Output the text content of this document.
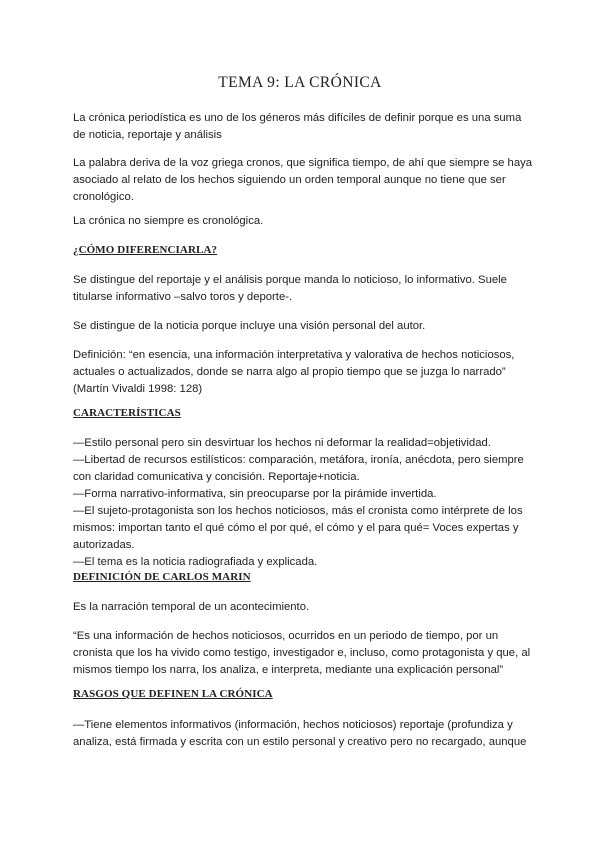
TEMA 9: LA CRÓNICA
La crónica periodística es uno de los géneros más difíciles de definir porque es una suma
de noticia, reportaje y análisis
La palabra deriva de la voz griega cronos, que significa tiempo, de ahí que siempre se haya
asociado al relato de los hechos siguiendo un orden temporal aunque no tiene que ser
cronológico.
La crónica no siempre es cronológica.
¿CÓMO DIFERENCIARLA?
Se distingue del reportaje y el análisis porque manda lo noticioso, lo informativo. Suele
titularse informativo –salvo toros y deporte-.
Se distingue de la noticia porque incluye una visión personal del autor.
Definición: “en esencia, una información interpretativa y valorativa de hechos noticiosos,
actuales o actualizados, donde se narra algo al propio tiempo que se juzga lo narrado”
(Martín Vivaldi 1998: 128)
CARACTERÍSTICAS
—Estilo personal pero sin desvirtuar los hechos ni deformar la realidad=objetividad.
—Libertad de recursos estilísticos: comparación, metáfora, ironía, anécdota, pero siempre
con claridad comunicativa y concisión. Reportaje+noticia.
—Forma narrativo-informativa, sin preocuparse por la pirámide invertida.
—El sujeto-protagonista son los hechos noticiosos, más el cronista como intérprete de los
mismos: importan tanto el qué cómo el por qué, el cómo y el para qué= Voces expertas y
autorizadas.
—El tema es la noticia radiografiada y explicada.
DEFINICIÓN DE CARLOS MARIN
Es la narración temporal de un acontecimiento.
“Es una información de hechos noticiosos, ocurridos en un periodo de tiempo, por un
cronista que los ha vivido como testigo, investigador e, incluso, como protagonista y que, al
mismos tiempo los narra, los analiza, e interpreta, mediante una explicación personal”
RASGOS QUE DEFINEN LA CRÓNICA
—Tiene elementos informativos (información, hechos noticiosos) reportaje (profundiza y
analiza, está firmada y escrita con un estilo personal y creativo pero no recargado, aunque
